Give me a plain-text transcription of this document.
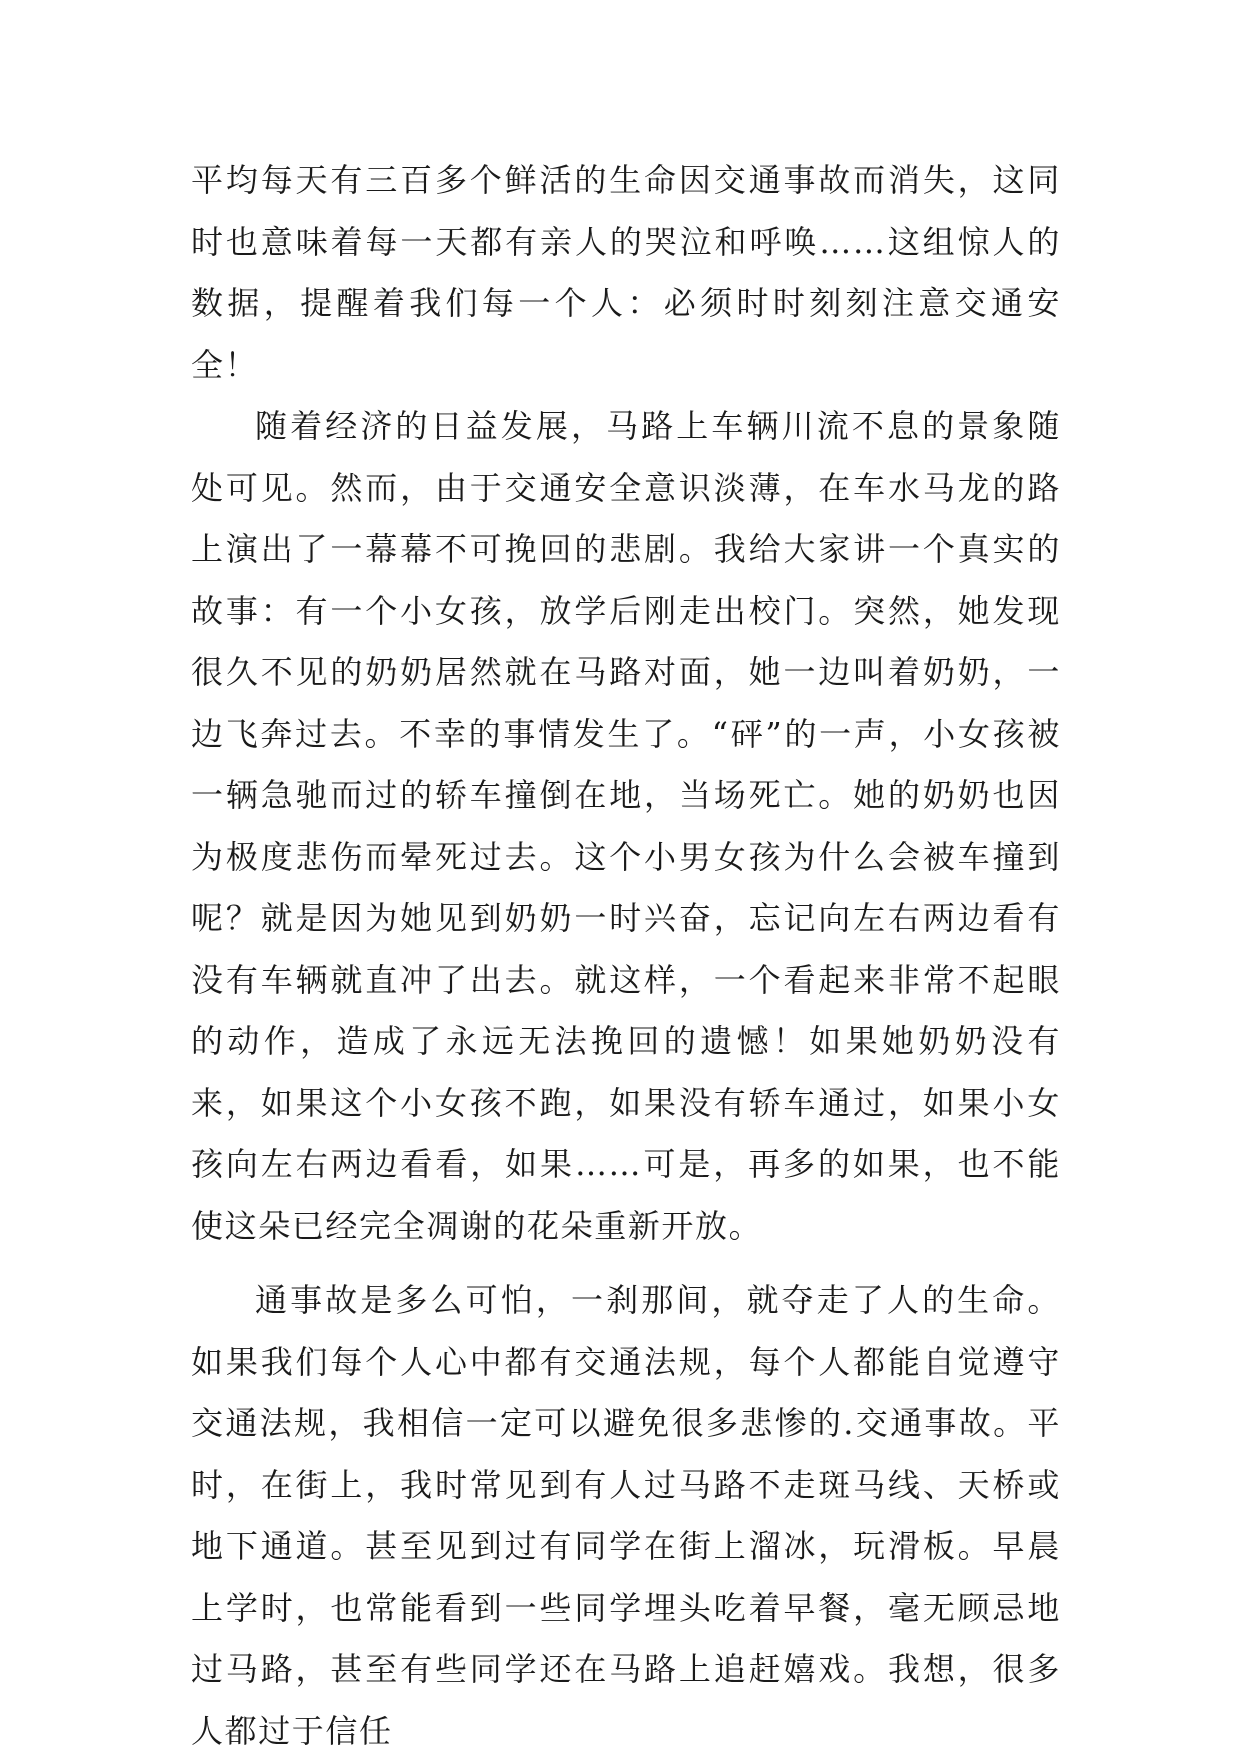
平均每天有三百多个鲜活的生命因交通事故而消失，这同时也意味着每一天都有亲人的哭泣和呼唤……这组惊人的数据，提醒着我们每一个人：必须时时刻刻注意交通安全！

随着经济的日益发展，马路上车辆川流不息的景象随处可见。然而，由于交通安全意识淡薄，在车水马龙的路上演出了一幕幕不可挽回的悲剧。我给大家讲一个真实的故事：有一个小女孩，放学后刚走出校门。突然，她发现很久不见的奶奶居然就在马路对面，她一边叫着奶奶，一边飞奔过去。不幸的事情发生了。“砰”的一声，小女孩被一辆急驰而过的轿车撞倒在地，当场死亡。她的奶奶也因为极度悲伤而晕死过去。这个小男女孩为什么会被车撞到呢？就是因为她见到奶奶一时兴奋，忘记向左右两边看有没有车辆就直冲了出去。就这样，一个看起来非常不起眼的动作，造成了永远无法挽回的遗憾！如果她奶奶没有来，如果这个小女孩不跑，如果没有轿车通过，如果小女孩向左右两边看看，如果……可是，再多的如果，也不能使这朵已经完全凋谢的花朵重新开放。

通事故是多么可怕，一刹那间，就夺走了人的生命。如果我们每个人心中都有交通法规，每个人都能自觉遵守交通法规，我相信一定可以避免很多悲惨的.交通事故。平时，在街上，我时常见到有人过马路不走斑马线、天桥或地下通道。甚至见到过有同学在街上溜冰，玩滑板。早晨上学时，也常能看到一些同学埋头吃着早餐，毫无顾忌地过马路，甚至有些同学还在马路上追赶嬉戏。我想，很多人都过于信任
